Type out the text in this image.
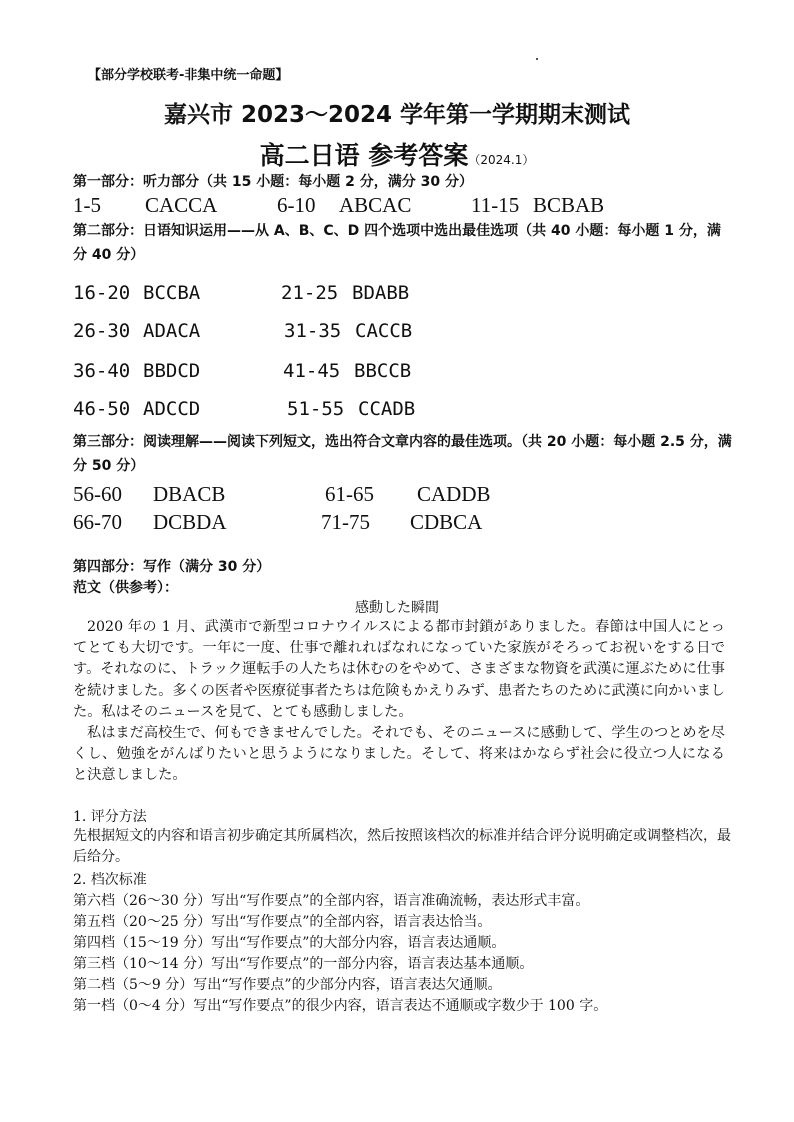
【部分学校联考-非集中统一命题】
嘉兴市 2023～2024 学年第一学期期末测试
高二日语 参考答案（2024.1）
第一部分：听力部分（共 15 小题：每小题 2 分，满分 30 分）
1-5 CACCA	6-10 ABCAC	11-15 BCBAB
第二部分：日语知识运用——从 A、B、C、D 四个选项中选出最佳选项（共 40 小题：每小题 1 分，满分 40 分）
16-20 BCCBA	21-25 BDABB
26-30 ADACA	31-35 CACCB
36-40 BBDCD	41-45 BBCCB
46-50 ADCCD	51-55 CCADB
第三部分：阅读理解——阅读下列短文，选出符合文章内容的最佳选项。（共 20 小题：每小题 2.5 分，满分 50 分）
56-60 DBACB	61-65 CADDB
66-70 DCBDA	71-75 CDBCA
第四部分：写作（满分 30 分）
范文（供参考）：
感動した瞬間

2020 年の 1 月、武漢市で新型コロナウイルスによる都市封鎖がありました。春節は中国人にとってとても大切です。一年に一度、仕事で離れればなれになっていた家族がそろってお祝いをする日です。それなのに、トラック運転手の人たちは休むのをやめて、さまざまな物資を武漢に運ぶために仕事を続けました。多くの医者や医療従事者たちは危険もかえりみず、患者たちのために武漢に向かいました。私はそのニュースを見て、とても感動しました。

私はまだ高校生で、何もできませんでした。それでも、そのニュースに感動して、学生のつとめを尽くし、勉強をがんばりたいと思うようになりました。そして、将来はかならず社会に役立つ人になると決意しました。

1. 评分方法
先根据短文的内容和语言初步确定其所属档次，然后按照该档次的标准并结合评分说明确定或调整档次，最后给分。
2. 档次标准
第六档（26～30 分）写出“写作要点”的全部内容，语言准确流畅，表达形式丰富。
第五档（20～25 分）写出“写作要点”的全部内容，语言表达恰当。
第四档（15～19 分）写出“写作要点”的大部分内容，语言表达通顺。
第三档（10～14 分）写出“写作要点”的一部分内容，语言表达基本通顺。
第二档（5～9 分）写出“写作要点”的少部分内容，语言表达欠通顺。
第一档（0～4 分）写出“写作要点”的很少内容，语言表达不通顺或字数少于 100 字。
